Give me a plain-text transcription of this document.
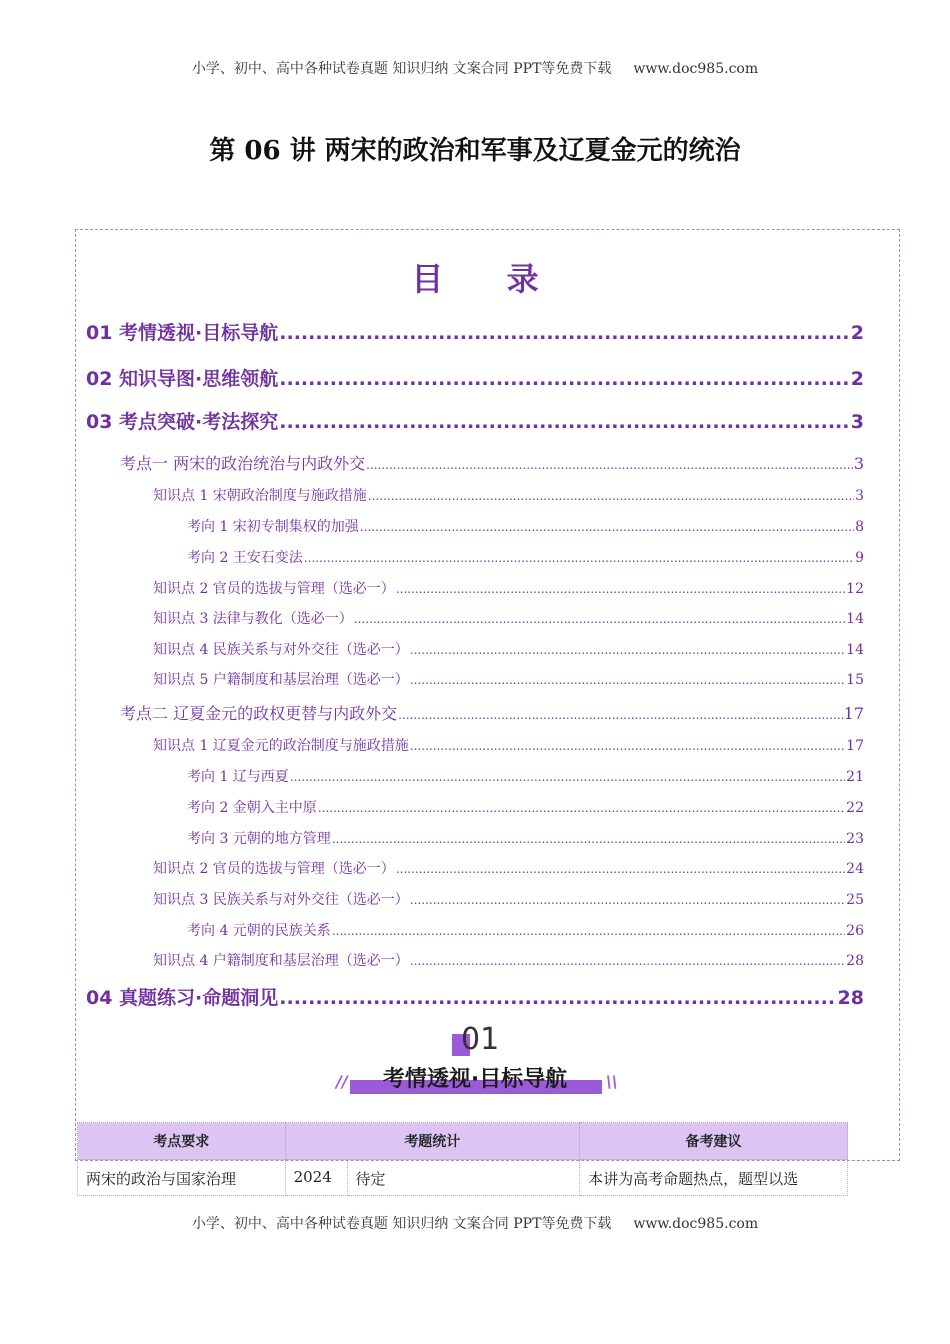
小学、初中、高中各种试卷真题 知识归纳 文案合同 PPT等免费下载 www.doc985.com
第 06 讲 两宋的政治和军事及辽夏金元的统治
目 录
01 考情透视·目标导航 .....	2
02 知识导图·思维领航 .....	2
03 考点突破·考法探究 .....	3
考点一 两宋的政治统治与内政外交 .....	3
知识点 1 宋朝政治制度与施政措施 .....	3
考向 1 宋初专制集权的加强 .....	8
考向 2 王安石变法 .....	9
知识点 2 官员的选拔与管理（选必一） .....	12
知识点 3 法律与教化（选必一） .....	14
知识点 4 民族关系与对外交往（选必一） .....	14
知识点 5 户籍制度和基层治理（选必一） .....	15
考点二 辽夏金元的政权更替与内政外交 .....	17
知识点 1 辽夏金元的政治制度与施政措施 .....	17
考向 1 辽与西夏 .....	21
考向 2 金朝入主中原 .....	22
考向 3 元朝的地方管理 .....	23
知识点 2 官员的选拔与管理（选必一） .....	24
知识点 3 民族关系与对外交往（选必一） .....	25
考向 4 元朝的民族关系 .....	26
知识点 4 户籍制度和基层治理（选必一） .....	28
04 真题练习·命题洞见 .....	28
01
//	考情透视·目标导航	\\
考点要求	考题统计		备考建议
两宋的政治与国家治理	2024	待定	本讲为高考命题热点，题型以选
小学、初中、高中各种试卷真题 知识归纳 文案合同 PPT等免费下载 www.doc985.com
